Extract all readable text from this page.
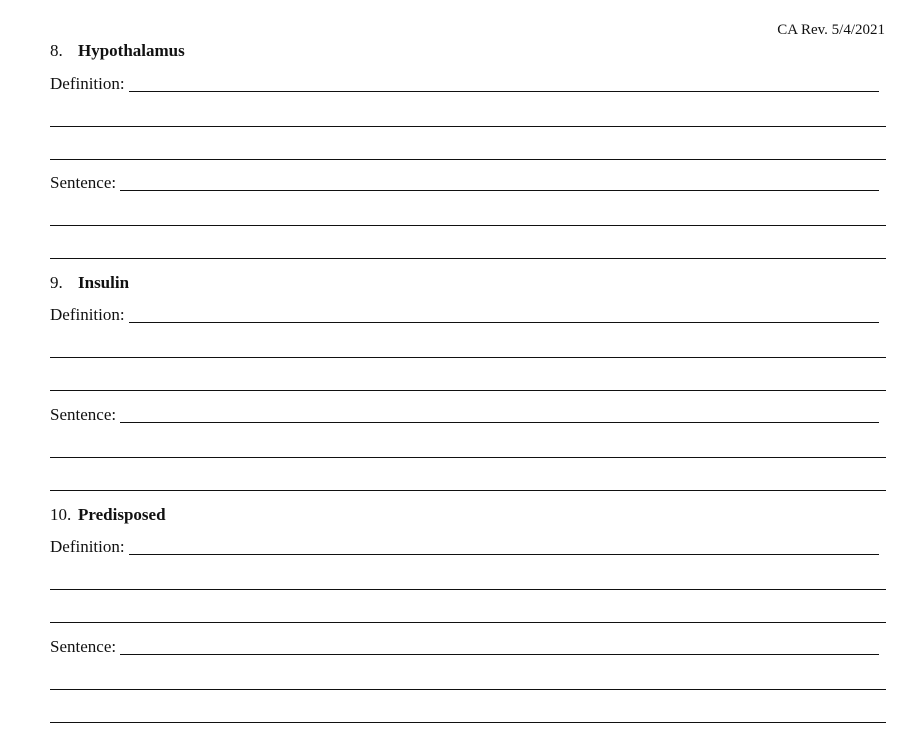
CA Rev. 5/4/2021
8. Hypothalamus
Definition:
Sentence:
9. Insulin
Definition:
Sentence:
10. Predisposed
Definition:
Sentence:
